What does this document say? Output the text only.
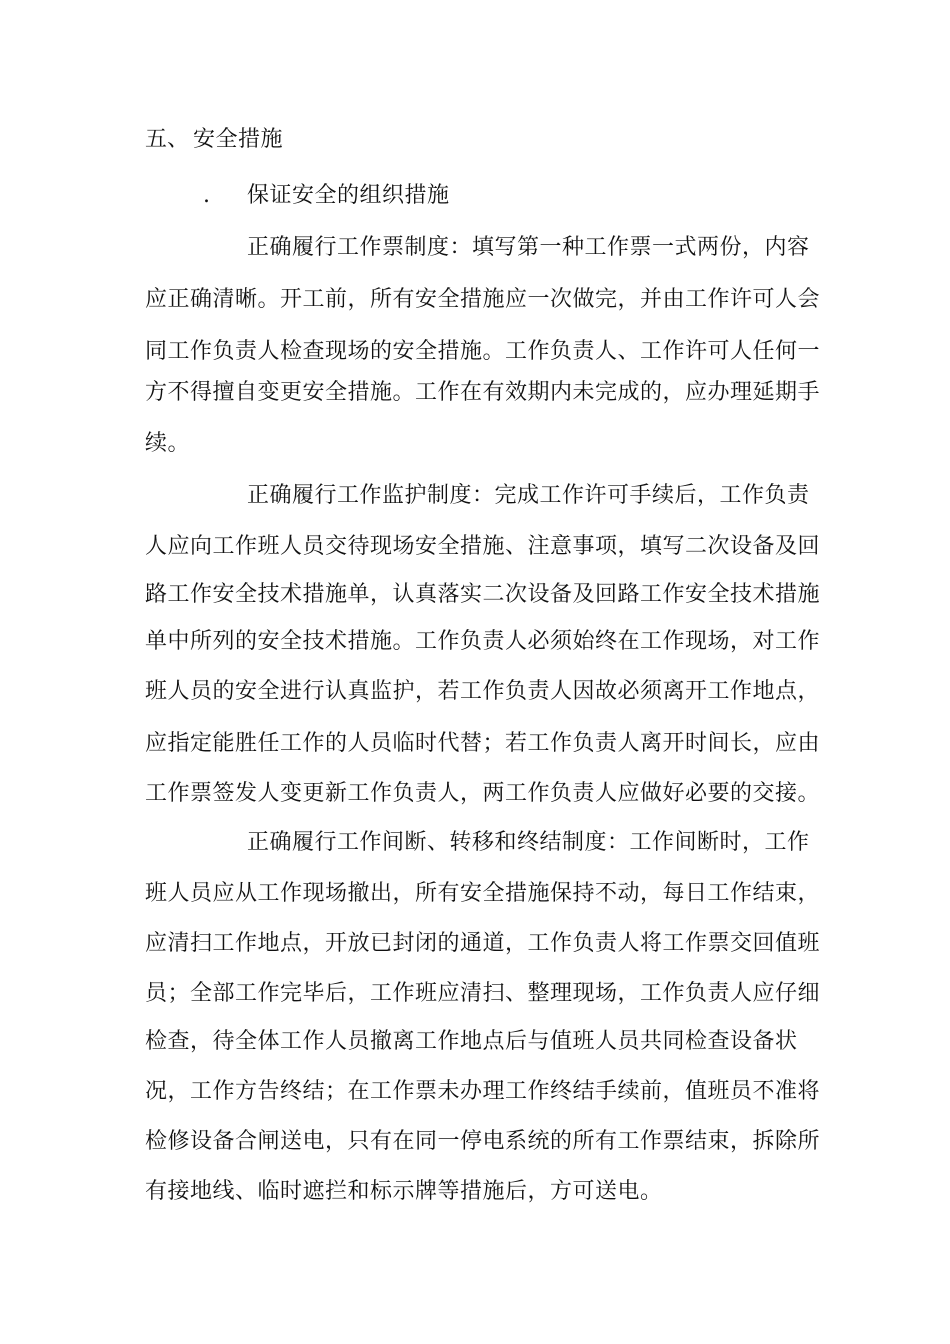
五、 安全措施
. 保证安全的组织措施
正确履行工作票制度：填写第一种工作票一式两份，内容
应正确清晰。开工前，所有安全措施应一次做完，并由工作许可人会
同工作负责人检查现场的安全措施。工作负责人、工作许可人任何一
方不得擅自变更安全措施。工作在有效期内未完成的，应办理延期手
续。
正确履行工作监护制度：完成工作许可手续后，工作负责
人应向工作班人员交待现场安全措施、注意事项，填写二次设备及回
路工作安全技术措施单，认真落实二次设备及回路工作安全技术措施
单中所列的安全技术措施。工作负责人必须始终在工作现场，对工作
班人员的安全进行认真监护，若工作负责人因故必须离开工作地点，
应指定能胜任工作的人员临时代替；若工作负责人离开时间长，应由
工作票签发人变更新工作负责人，两工作负责人应做好必要的交接。
正确履行工作间断、转移和终结制度：工作间断时，工作
班人员应从工作现场撤出，所有安全措施保持不动，每日工作结束，
应清扫工作地点，开放已封闭的通道，工作负责人将工作票交回值班
员；全部工作完毕后，工作班应清扫、整理现场，工作负责人应仔细
检查，待全体工作人员撤离工作地点后与值班人员共同检查设备状
况，工作方告终结；在工作票未办理工作终结手续前，值班员不准将
检修设备合闸送电，只有在同一停电系统的所有工作票结束，拆除所
有接地线、临时遮拦和标示牌等措施后，方可送电。
